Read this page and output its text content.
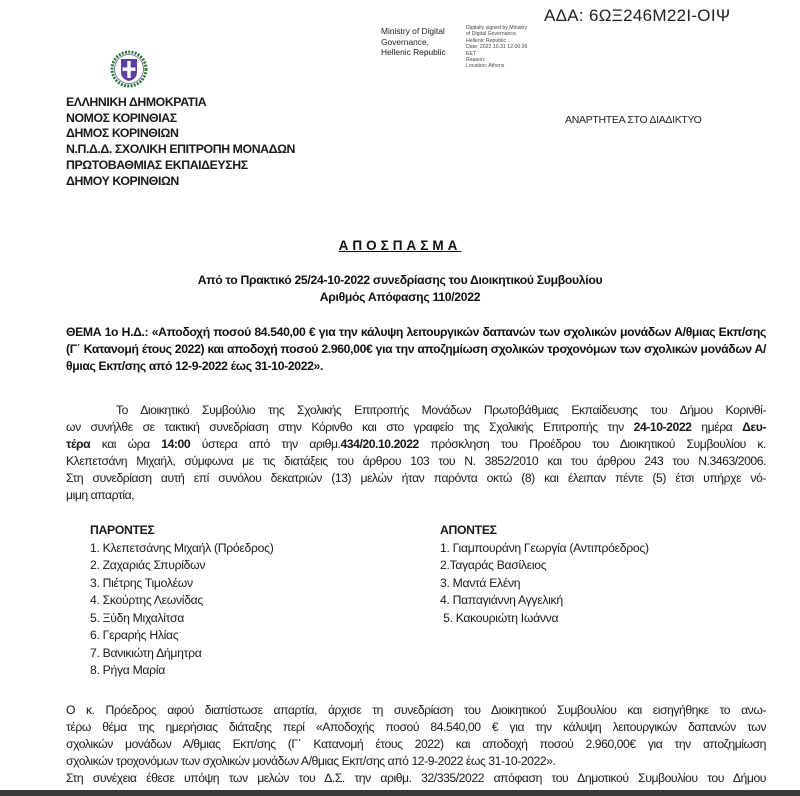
ΑΔΑ: 6ΩΞ246Μ22Ι-ΟΙΨ
Ministry of Digital
Governance,
Hellenic Republic
Digitally signed by Ministry
of Digital Governance,
Hellenic Republic
Date: 2022.10.31 12:00:26
EET
Reason:
Location: Athens
ΕΛΛΗΝΙΚΗ ΔΗΜΟΚΡΑΤΙΑ
ΝΟΜΟΣ ΚΟΡΙΝΘΙΑΣ
ΔΗΜΟΣ ΚΟΡΙΝΘΙΩΝ
Ν.Π.Δ.Δ. ΣΧΟΛΙΚΗ ΕΠΙΤΡΟΠΗ ΜΟΝΑΔΩΝ
ΠΡΩΤΟΒΑΘΜΙΑΣ ΕΚΠΑΙΔΕΥΣΗΣ
ΔΗΜΟΥ ΚΟΡΙΝΘΙΩΝ
ΑΝΑΡΤΗΤΕΑ ΣΤΟ ΔΙΑΔΙΚΤΥΟ
ΑΠΟΣΠΑΣΜΑ
Από το Πρακτικό 25/24-10-2022 συνεδρίασης του Διοικητικού Συμβουλίου
Αριθμός Απόφασης 110/2022
ΘΕΜΑ 1ο Η.Δ.: «Αποδοχή ποσού 84.540,00 € για την κάλυψη λειτουργικών δαπανών των σχολικών μονάδων Α/θμιας Εκπ/σης (Γ΄ Κατανομή έτους 2022) και αποδοχή ποσού 2.960,00€ για την αποζημίωση σχολικών τροχονόμων των σχολικών μονάδων Α/θμιας Εκπ/σης από 12-9-2022 έως 31-10-2022».
Το Διοικητικό Συμβούλιο της Σχολικής Επιτροπής Μονάδων Πρωτοβάθμιας Εκπαίδευσης του Δήμου Κορινθί-
ων συνήλθε σε τακτική συνεδρίαση στην Κόρινθο και στο γραφείο της Σχολικής Επιτροπής την 24-10-2022 ημέρα Δευ-
τέρα και ώρα 14:00 ύστερα από την αριθμ.434/20.10.2022 πρόσκληση του Προέδρου του Διοικητικού Συμβουλίου κ.
Κλεπετσάνη Μιχαήλ, σύμφωνα με τις διατάξεις του άρθρου 103 του Ν. 3852/2010 και του άρθρου 243 του Ν.3463/2006.
Στη συνεδρίαση αυτή επί συνόλου δεκατριών (13) μελών ήταν παρόντα οκτώ (8) και έλειπαν πέντε (5) έτσι υπήρχε νό-
μιμη απαρτία,
ΠΑΡΟΝΤΕΣ
1. Κλεπετσάνης Μιχαήλ (Πρόεδρος)
2. Ζαχαριάς Σπυρίδων
3. Πιέτρης Τιμολέων
4. Σκούρτης Λεωνίδας
5. Ξύδη Μιχαλίτσα
6. Γεραρής Ηλίας
7. Βανικιώτη Δήμητρα
8. Ρήγα Μαρία
ΑΠΟΝΤΕΣ
1. Γιαμπουράνη Γεωργία (Αντιπρόεδρος)
2.Ταγαράς Βασίλειος
3. Μαντά Ελένη
4. Παπαγιάννη Αγγελική
5. Κακουριώτη Ιωάννα
Ο κ. Πρόεδρος αφού διαπίστωσε απαρτία, άρχισε τη συνεδρίαση του Διοικητικού Συμβουλίου και εισηγήθηκε το ανω-
τέρω θέμα της ημερήσιας διάταξης περί «Αποδοχής ποσού 84.540,00 € για την κάλυψη λειτουργικών δαπανών των
σχολικών μονάδων Α/θμιας Εκπ/σης (Γ΄ Κατανομή έτους 2022) και αποδοχή ποσού 2.960,00€ για την αποζημίωση
σχολικών τροχονόμων των σχολικών μονάδων Α/θμιας Εκπ/σης από 12-9-2022 έως 31-10-2022».
Στη συνέχεια έθεσε υπόψη των μελών του Δ.Σ. την αριθμ. 32/335/2022 απόφαση του Δημοτικού Συμβουλίου του Δήμου
